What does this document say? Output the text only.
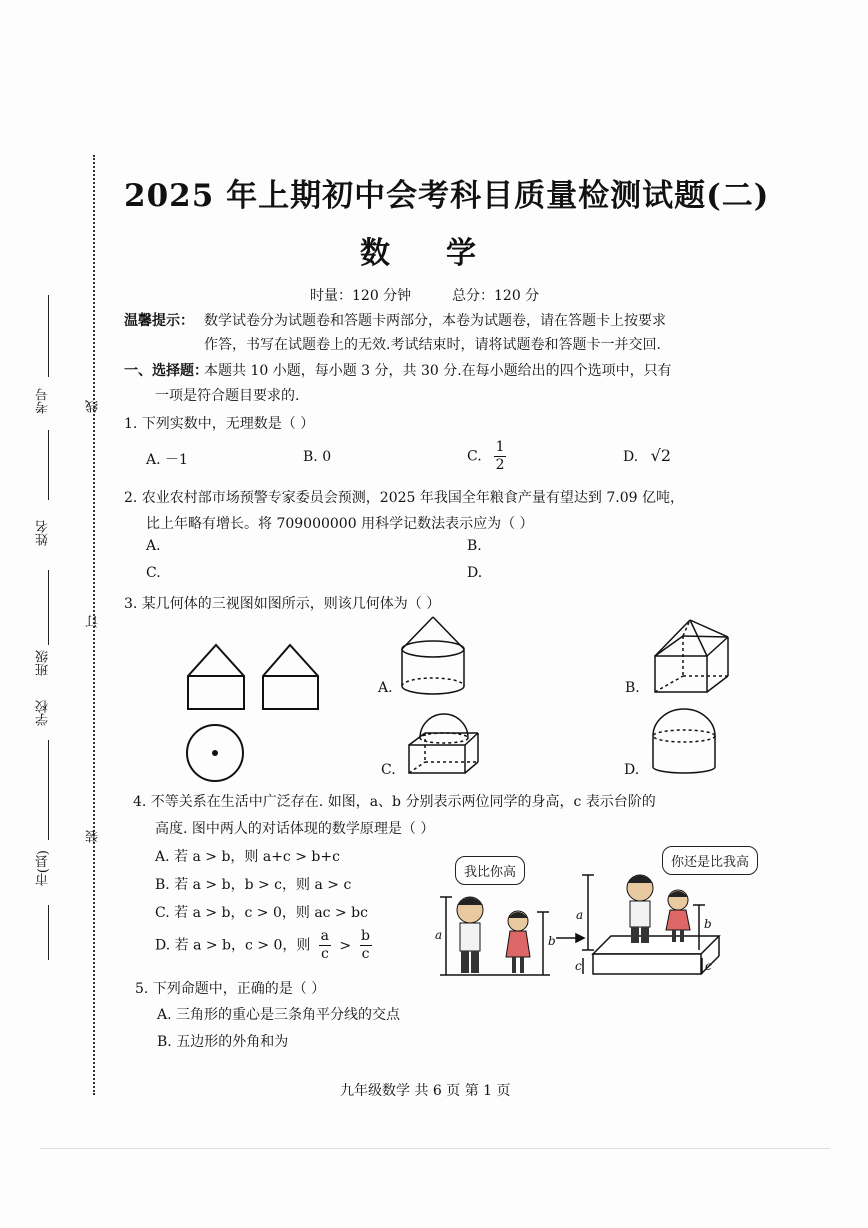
考号
姓名
班级
学校
市(县)
线
订
装
2025 年上期初中会考科目质量检测试题(二)
数学
时量：120 分钟	总分：120 分
温馨提示： 数学试卷分为试题卷和答题卡两部分，本卷为试题卷，请在答题卡上按要求
作答，书写在试题卷上的无效.考试结束时，请将试题卷和答题卡一并交回.
一、选择题：
本题共 10 小题，每小题 3 分，共 30 分.在每小题给出的四个选项中，只有
一项是符合题目要求的.
1. 下列实数中，无理数是（ ）
A. －1	B. 0	C. $\frac{1}{2}$	D. √2
2. 农业农村部市场预警专家委员会预测，2025 年我国全年粮食产量有望达到 7.09 亿吨，
比上年略有增长。将 709000000 用科学记数法表示应为（ ）
A.	B.
C.	D.
3. 某几何体的三视图如图所示，则该几何体为（ ）
A.	B.
C.	D.
4. 不等关系在生活中广泛存在. 如图，a、b 分别表示两位同学的身高，c 表示台阶的
高度. 图中两人的对话体现的数学原理是（ ）
A. 若 a > b，则 a+c > b+c
B. 若 a > b，b > c，则 a > c
C. 若 a > b，c > 0，则 ac > bc
D. 若 a > b，c > 0，则 $\frac{a}{c} > \frac{b}{c}$
我比你高
你还是比我高
a	b
a
b
c	c
5. 下列命题中，正确的是（ ）
A. 三角形的重心是三条角平分线的交点
B. 五边形的外角和为
九年级数学 共 6 页 第 1 页
